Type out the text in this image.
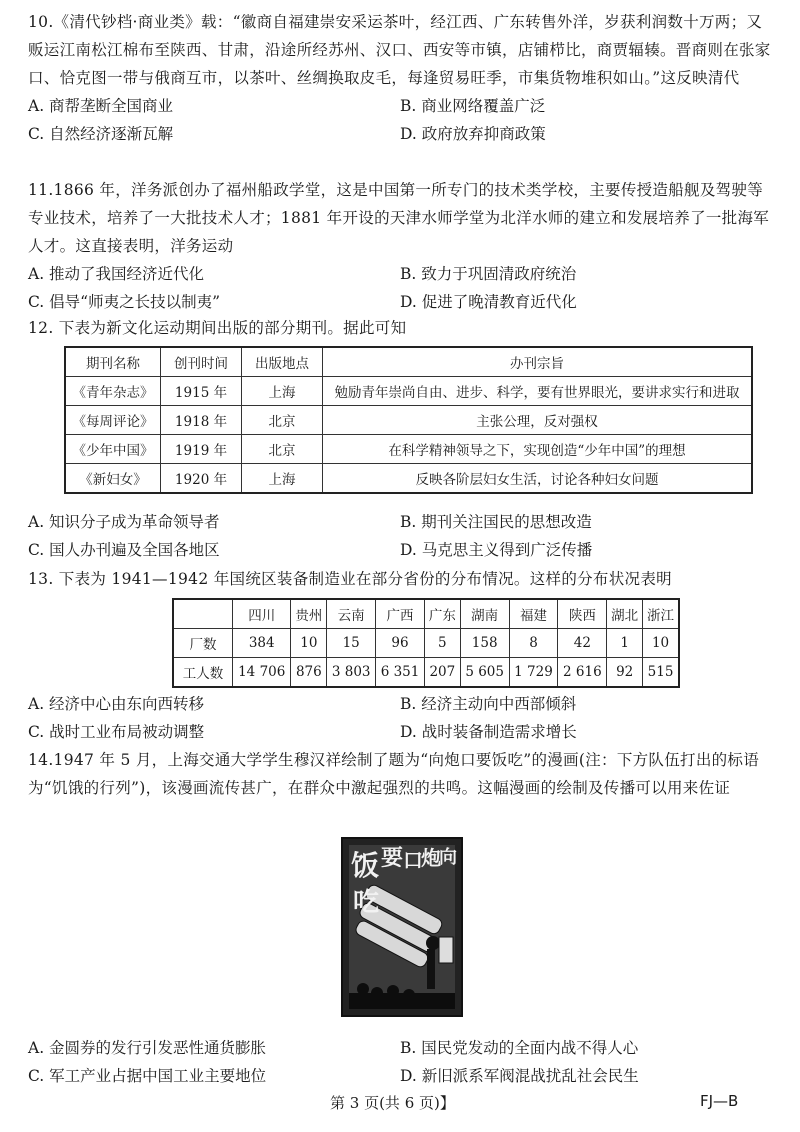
10.《清代钞档·商业类》载：“徽商自福建崇安采运茶叶，经江西、广东转售外洋，岁获利润数十万两；又贩运江南松江棉布至陕西、甘肃，沿途所经苏州、汉口、西安等市镇，店铺栉比，商贾辐辏。晋商则在张家口、恰克图一带与俄商互市，以茶叶、丝绸换取皮毛，每逢贸易旺季，市集货物堆积如山。”这反映清代

A. 商帮垄断全国商业	B. 商业网络覆盖广泛
C. 自然经济逐渐瓦解	D. 政府放弃抑商政策

11.1866 年，洋务派创办了福州船政学堂，这是中国第一所专门的技术类学校，主要传授造船舰及驾驶等专业技术，培养了一大批技术人才；1881 年开设的天津水师学堂为北洋水师的建立和发展培养了一批海军人才。这直接表明，洋务运动

A. 推动了我国经济近代化	B. 致力于巩固清政府统治
C. 倡导“师夷之长技以制夷”	D. 促进了晚清教育近代化

12. 下表为新文化运动期间出版的部分期刊。据此可知

期刊名称	创刊时间	出版地点	办刊宗旨
《青年杂志》	1915 年	上海	勉励青年崇尚自由、进步、科学，要有世界眼光，要讲求实行和进取
《每周评论》	1918 年	北京	主张公理，反对强权
《少年中国》	1919 年	北京	在科学精神领导之下，实现创造“少年中国”的理想
《新妇女》	1920 年	上海	反映各阶层妇女生活，讨论各种妇女问题
A. 知识分子成为革命领导者	B. 期刊关注国民的思想改造
C. 国人办刊遍及全国各地区	D. 马克思主义得到广泛传播

13. 下表为 1941—1942 年国统区装备制造业在部分省份的分布情况。这样的分布状况表明

	四川	贵州	云南	广西	广东	湖南	福建	陕西	湖北	浙江
厂数	384	10	15	96	5	158	8	42	1	10
工人数	14 706	876	3 803	6 351	207	5 605	1 729	2 616	92	515
A. 经济中心由东向西转移	B. 经济主动向中西部倾斜
C. 战时工业布局被动调整	D. 战时装备制造需求增长

14.1947 年 5 月，上海交通大学学生穆汉祥绘制了题为“向炮口要饭吃”的漫画(注：下方队伍打出的标语为“饥饿的行列”)，该漫画流传甚广，在群众中激起强烈的共鸣。这幅漫画的绘制及传播可以用来佐证

饭 要 口
炮
向
吃
A. 金圆券的发行引发恶性通货膨胀	B. 国民党发动的全面内战不得人心
C. 军工产业占据中国工业主要地位	D. 新旧派系军阀混战扰乱社会民生
第 3 页(共 6 页)】	FJ—B
